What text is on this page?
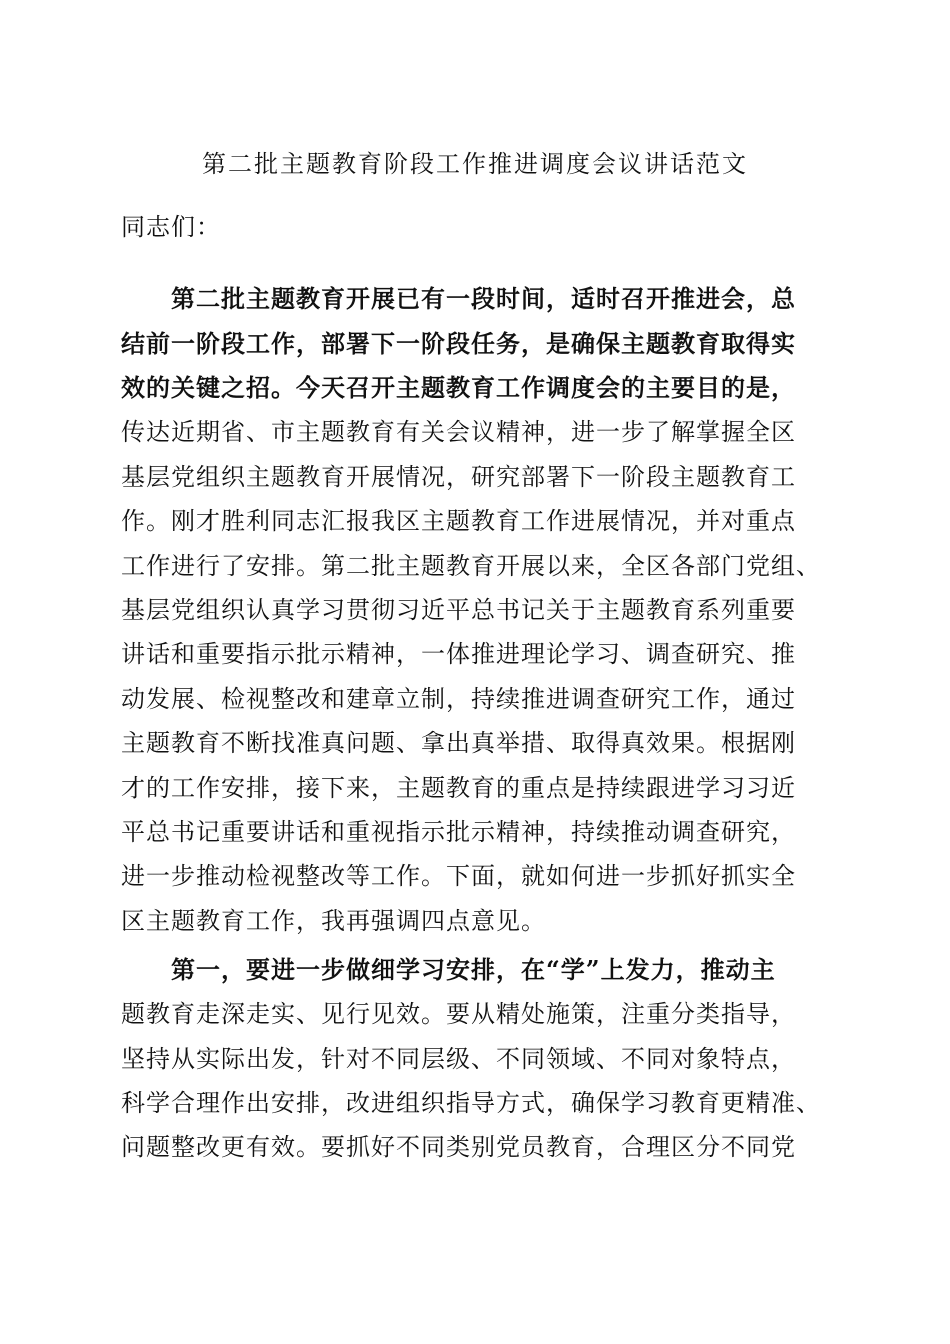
第二批主题教育阶段工作推进调度会议讲话范文
同志们：
第二批主题教育开展已有一段时间，适时召开推进会，总
结前一阶段工作，部署下一阶段任务，是确保主题教育取得实
效的关键之招。今天召开主题教育工作调度会的主要目的是，
传达近期省、市主题教育有关会议精神，进一步了解掌握全区
基层党组织主题教育开展情况，研究部署下一阶段主题教育工
作。刚才胜利同志汇报我区主题教育工作进展情况，并对重点
工作进行了安排。第二批主题教育开展以来，全区各部门党组、
基层党组织认真学习贯彻习近平总书记关于主题教育系列重要
讲话和重要指示批示精神，一体推进理论学习、调查研究、推
动发展、检视整改和建章立制，持续推进调查研究工作，通过
主题教育不断找准真问题、拿出真举措、取得真效果。根据刚
才的工作安排，接下来，主题教育的重点是持续跟进学习习近
平总书记重要讲话和重视指示批示精神，持续推动调查研究，
进一步推动检视整改等工作。下面，就如何进一步抓好抓实全
区主题教育工作，我再强调四点意见。
第一，要进一步做细学习安排，在“学”上发力，推动主
题教育走深走实、见行见效。要从精处施策，注重分类指导，
坚持从实际出发，针对不同层级、不同领域、不同对象特点，
科学合理作出安排，改进组织指导方式，确保学习教育更精准、
问题整改更有效。要抓好不同类别党员教育，合理区分不同党
